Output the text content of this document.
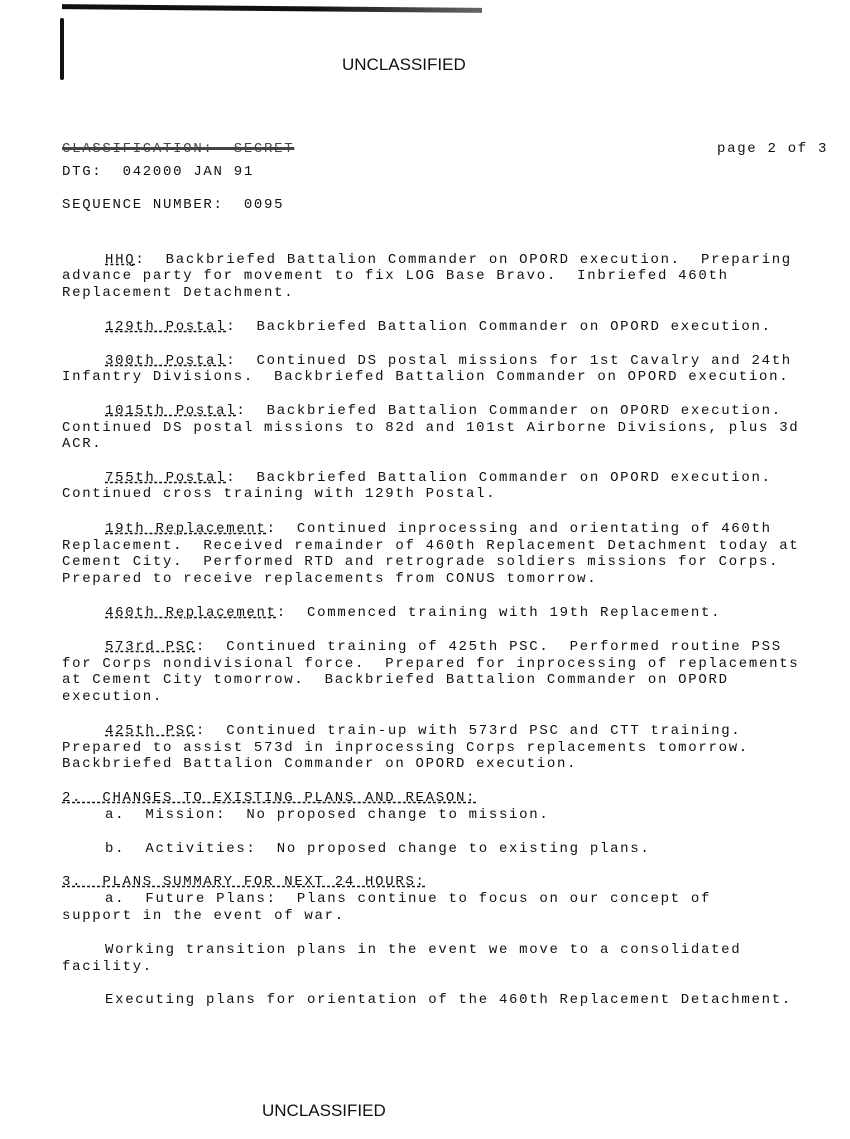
UNCLASSIFIED
CLASSIFICATION:  SECRET	page 2 of 3
DTG:  042000 JAN 91
SEQUENCE NUMBER:  0095
HHQ:  Backbriefed Battalion Commander on OPORD execution.  Preparing
advance party for movement to fix LOG Base Bravo.  Inbriefed 460th
Replacement Detachment.
129th Postal:  Backbriefed Battalion Commander on OPORD execution.
300th Postal:  Continued DS postal missions for 1st Cavalry and 24th
Infantry Divisions.  Backbriefed Battalion Commander on OPORD execution.
1015th Postal:  Backbriefed Battalion Commander on OPORD execution.
Continued DS postal missions to 82d and 101st Airborne Divisions, plus 3d
ACR.
755th Postal:  Backbriefed Battalion Commander on OPORD execution.
Continued cross training with 129th Postal.
19th Replacement:  Continued inprocessing and orientating of 460th
Replacement.  Received remainder of 460th Replacement Detachment today at
Cement City.  Performed RTD and retrograde soldiers missions for Corps.
Prepared to receive replacements from CONUS tomorrow.
460th Replacement:  Commenced training with 19th Replacement.
573rd PSC:  Continued training of 425th PSC.  Performed routine PSS
for Corps nondivisional force.  Prepared for inprocessing of replacements
at Cement City tomorrow.  Backbriefed Battalion Commander on OPORD
execution.
425th PSC:  Continued train-up with 573rd PSC and CTT training.
Prepared to assist 573d in inprocessing Corps replacements tomorrow.
Backbriefed Battalion Commander on OPORD execution.
2.  CHANGES TO EXISTING PLANS AND REASON:
a.  Mission:  No proposed change to mission.
b.  Activities:  No proposed change to existing plans.
3.  PLANS SUMMARY FOR NEXT 24 HOURS:
a.  Future Plans:  Plans continue to focus on our concept of
support in the event of war.
Working transition plans in the event we move to a consolidated
facility.
Executing plans for orientation of the 460th Replacement Detachment.
UNCLASSIFIED
